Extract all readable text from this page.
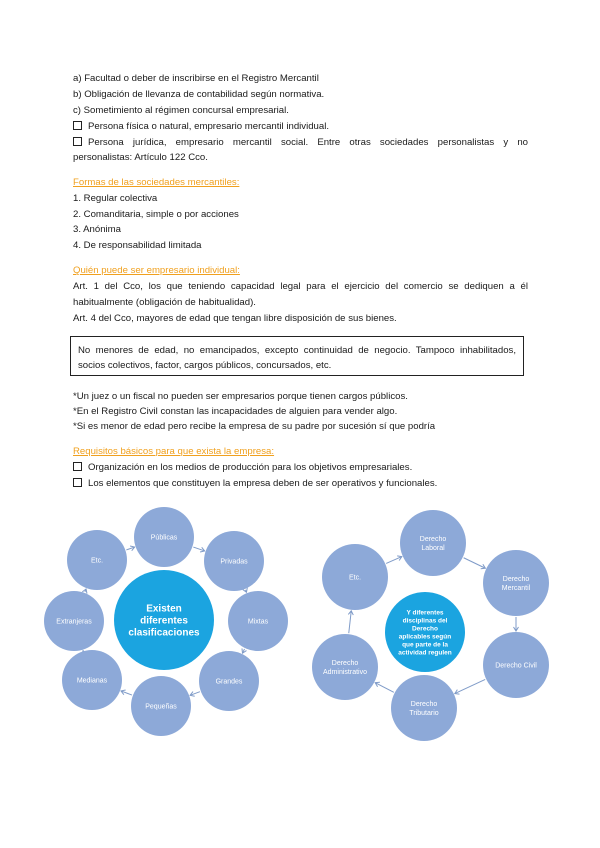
a) Facultad o deber de inscribirse en el Registro Mercantil
b) Obligación de llevanza de contabilidad según normativa.
c) Sometimiento al régimen concursal empresarial.
Persona física o natural, empresario mercantil individual.
Persona jurídica, empresario mercantil social. Entre otras sociedades personalistas y no
personalistas: Artículo 122 Cco.
Formas de las sociedades mercantiles:
1. Regular colectiva
2. Comanditaria, simple o por acciones
3. Anónima
4. De responsabilidad limitada
Quién puede ser empresario individual:
Art. 1 del Cco, los que teniendo capacidad legal para el ejercicio del comercio se dediquen a él
habitualmente (obligación de habitualidad).
Art. 4 del Cco, mayores de edad que tengan libre disposición de sus bienes.
No menores de edad, no emancipados, excepto continuidad de negocio. Tampoco inhabilitados, socios colectivos, factor, cargos públicos, concursados, etc.
*Un juez o un fiscal no pueden ser empresarios porque tienen cargos públicos.
*En el Registro Civil constan las incapacidades de alguien para vender algo.
*Si es menor de edad pero recibe la empresa de su padre por sucesión sí que podría
Requisitos básicos para que exista la empresa:
Organización en los medios de producción para los objetivos empresariales.
Los elementos que constituyen la empresa deben de ser operativos y funcionales.
Públicas
Privadas
Mixtas
Grandes
Pequeñas
Medianas
Extranjeras
Etc.
Existen diferentes clasificaciones
Derecho Laboral
Derecho Mercantil
Derecho Civil
Derecho Tributario
Derecho Administrativo
Etc.
Y diferentes disciplinas del Derecho aplicables según que parte de la actividad regulen
